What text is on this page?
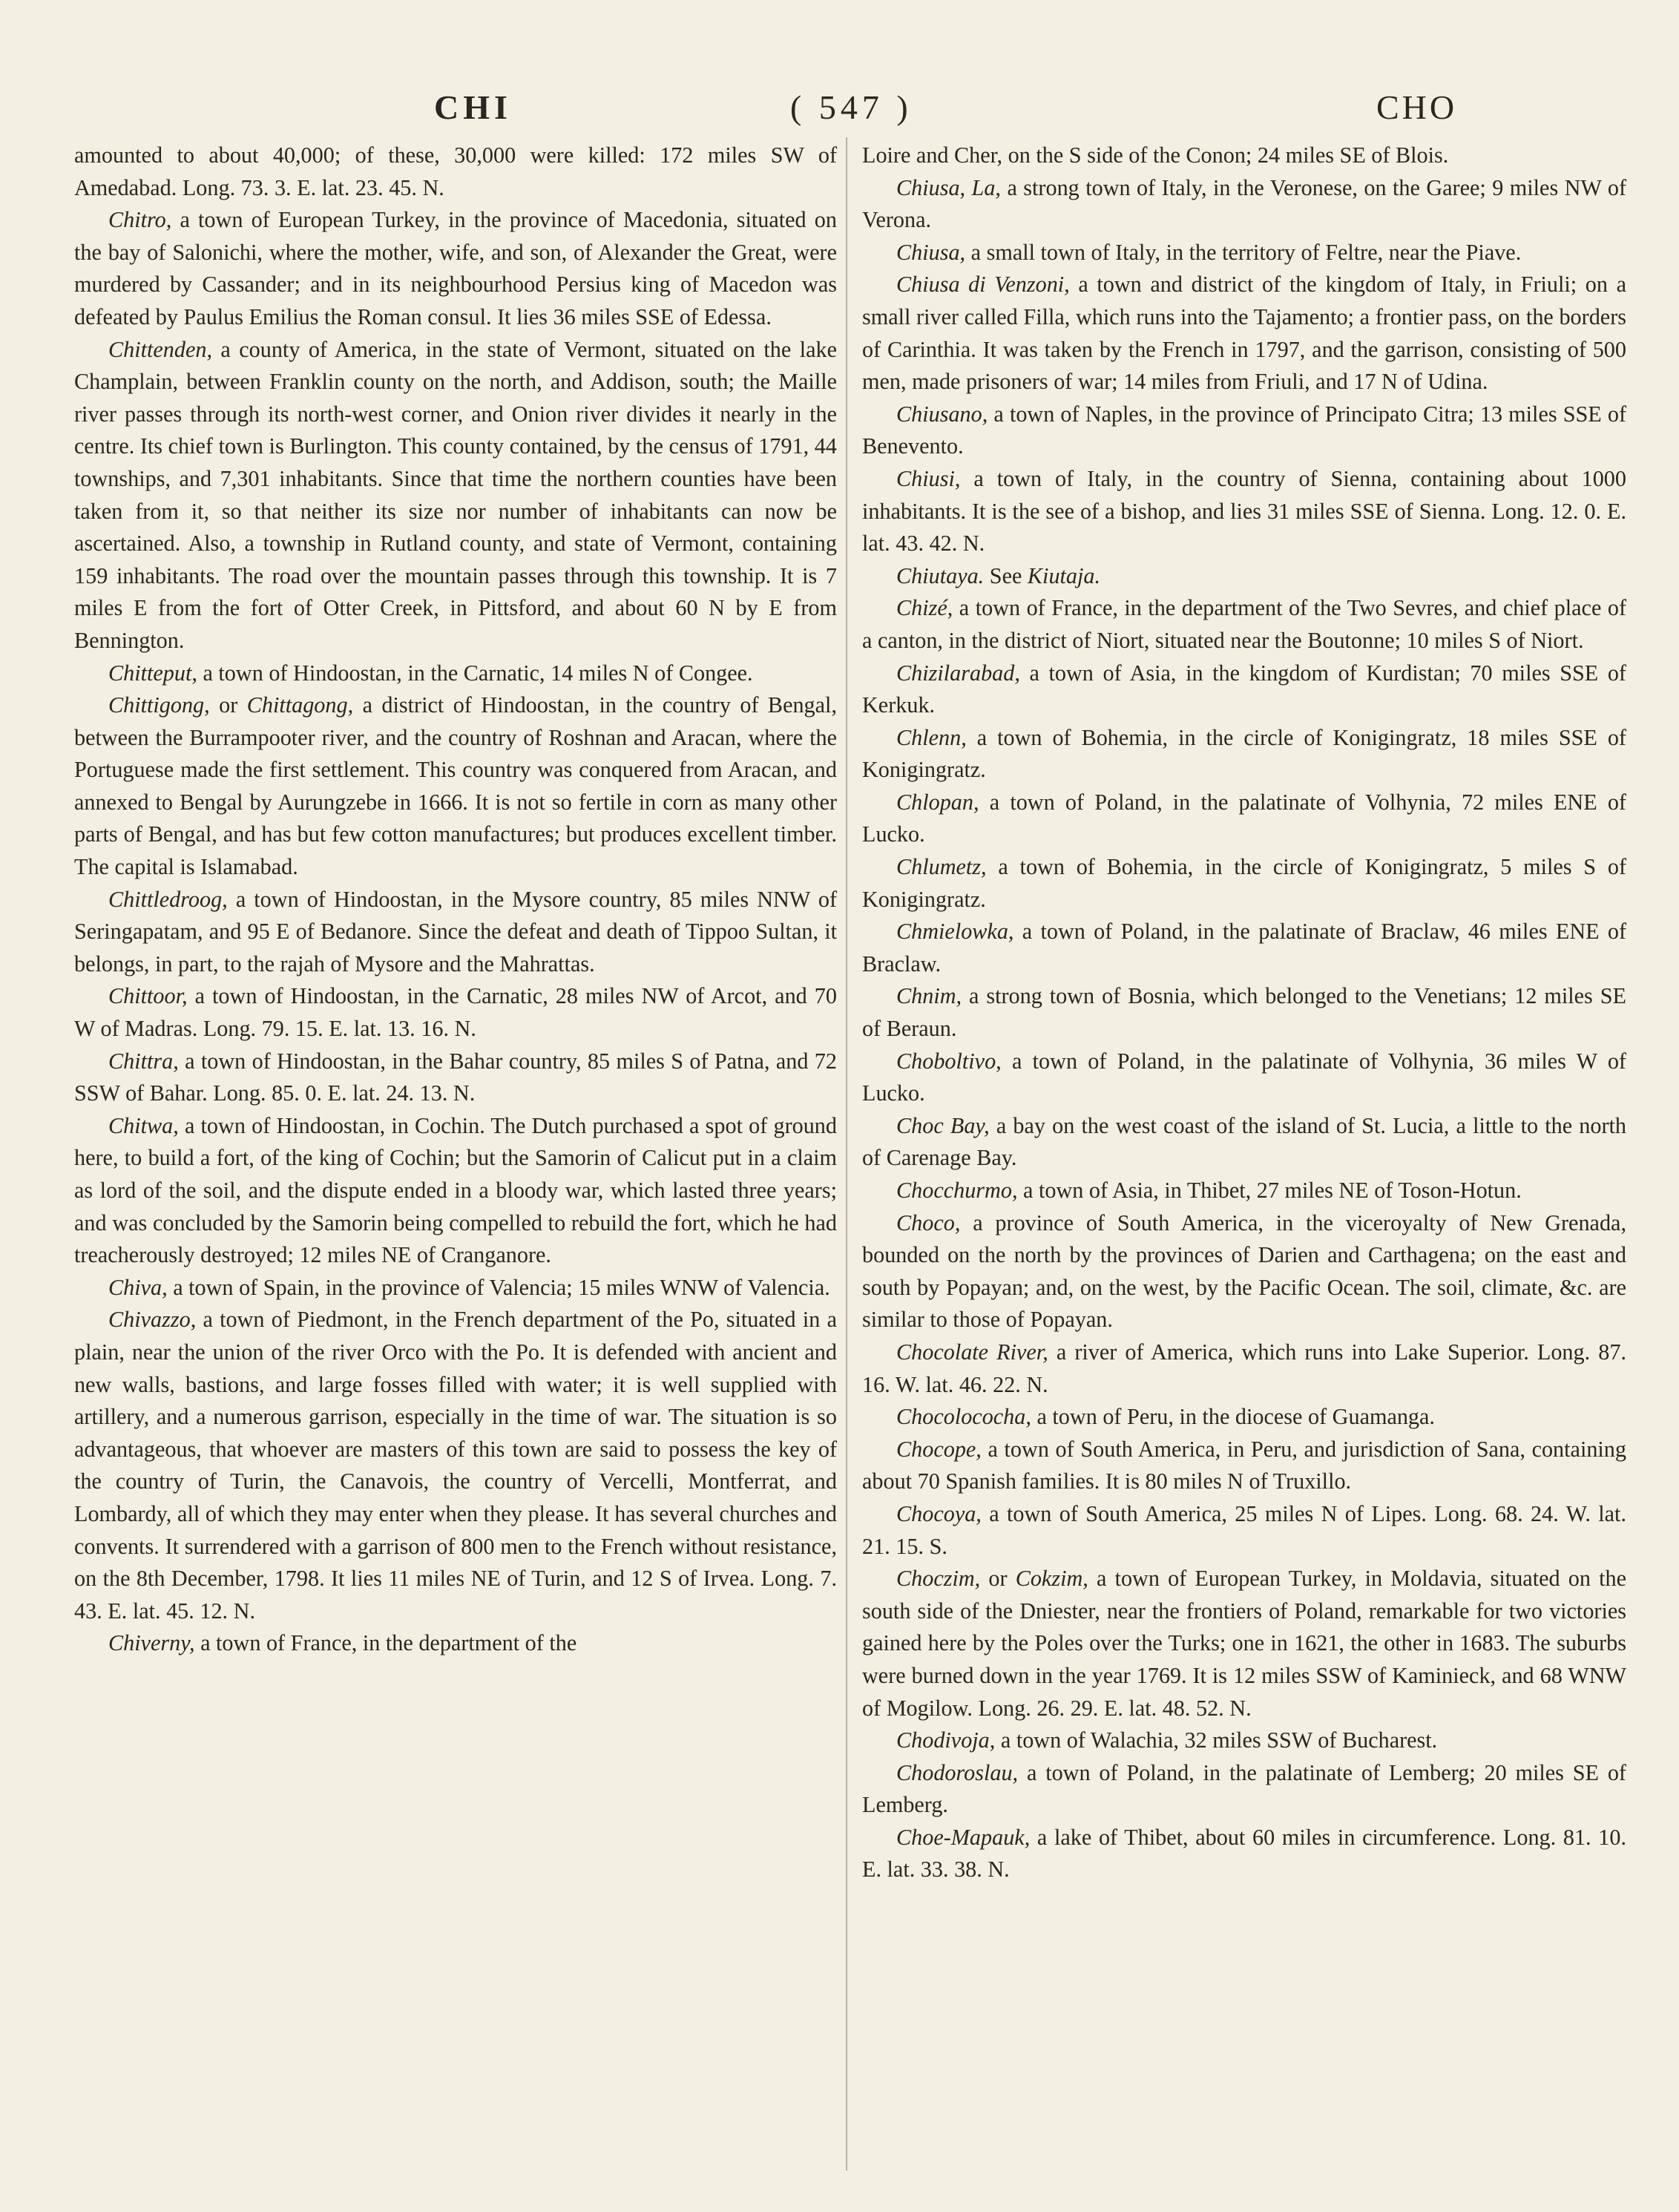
CHI	( 547 )	CHO

amounted to about 40,000; of these, 30,000 were killed: 172 miles SW of Amedabad. Long. 73. 3. E. lat. 23. 45. N.

Chitro, a town of European Turkey, in the province of Macedonia, situated on the bay of Salonichi, where the mother, wife, and son, of Alexander the Great, were murdered by Cassander; and in its neighbourhood Persius king of Macedon was defeated by Paulus Emilius the Roman consul. It lies 36 miles SSE of Edessa.

Chittenden, a county of America, in the state of Vermont, situated on the lake Champlain, between Franklin county on the north, and Addison, south; the Maille river passes through its north-west corner, and Onion river divides it nearly in the centre. Its chief town is Burlington. This county contained, by the census of 1791, 44 townships, and 7,301 inhabitants. Since that time the northern counties have been taken from it, so that neither its size nor number of inhabitants can now be ascertained. Also, a township in Rutland county, and state of Vermont, containing 159 inhabitants. The road over the mountain passes through this township. It is 7 miles E from the fort of Otter Creek, in Pittsford, and about 60 N by E from Bennington.

Chitteput, a town of Hindoostan, in the Carnatic, 14 miles N of Congee.

Chittigong, or Chittagong, a district of Hindoostan, in the country of Bengal, between the Burrampooter river, and the country of Roshnan and Aracan, where the Portuguese made the first settlement. This country was conquered from Aracan, and annexed to Bengal by Aurungzebe in 1666. It is not so fertile in corn as many other parts of Bengal, and has but few cotton manufactures; but produces excellent timber. The capital is Islamabad.

Chittledroog, a town of Hindoostan, in the Mysore country, 85 miles NNW of Seringapatam, and 95 E of Bedanore. Since the defeat and death of Tippoo Sultan, it belongs, in part, to the rajah of Mysore and the Mahrattas.

Chittoor, a town of Hindoostan, in the Carnatic, 28 miles NW of Arcot, and 70 W of Madras. Long. 79. 15. E. lat. 13. 16. N.

Chittra, a town of Hindoostan, in the Bahar country, 85 miles S of Patna, and 72 SSW of Bahar. Long. 85. 0. E. lat. 24. 13. N.

Chitwa, a town of Hindoostan, in Cochin. The Dutch purchased a spot of ground here, to build a fort, of the king of Cochin; but the Samorin of Calicut put in a claim as lord of the soil, and the dispute ended in a bloody war, which lasted three years; and was concluded by the Samorin being compelled to rebuild the fort, which he had treacherously destroyed; 12 miles NE of Cranganore.

Chiva, a town of Spain, in the province of Valencia; 15 miles WNW of Valencia.

Chivazzo, a town of Piedmont, in the French department of the Po, situated in a plain, near the union of the river Orco with the Po. It is defended with ancient and new walls, bastions, and large fosses filled with water; it is well supplied with artillery, and a numerous garrison, especially in the time of war. The situation is so advantageous, that whoever are masters of this town are said to possess the key of the country of Turin, the Canavois, the country of Vercelli, Montferrat, and Lombardy, all of which they may enter when they please. It has several churches and convents. It surrendered with a garrison of 800 men to the French without resistance, on the 8th December, 1798. It lies 11 miles NE of Turin, and 12 S of Irvea. Long. 7. 43. E. lat. 45. 12. N.

Chiverny, a town of France, in the department of the

Loire and Cher, on the S side of the Conon; 24 miles SE of Blois.

Chiusa, La, a strong town of Italy, in the Veronese, on the Garee; 9 miles NW of Verona.

Chiusa, a small town of Italy, in the territory of Feltre, near the Piave.

Chiusa di Venzoni, a town and district of the kingdom of Italy, in Friuli; on a small river called Filla, which runs into the Tajamento; a frontier pass, on the borders of Carinthia. It was taken by the French in 1797, and the garrison, consisting of 500 men, made prisoners of war; 14 miles from Friuli, and 17 N of Udina.

Chiusano, a town of Naples, in the province of Principato Citra; 13 miles SSE of Benevento.

Chiusi, a town of Italy, in the country of Sienna, containing about 1000 inhabitants. It is the see of a bishop, and lies 31 miles SSE of Sienna. Long. 12. 0. E. lat. 43. 42. N.

Chiutaya. See Kiutaja.

Chizé, a town of France, in the department of the Two Sevres, and chief place of a canton, in the district of Niort, situated near the Boutonne; 10 miles S of Niort.

Chizilarabad, a town of Asia, in the kingdom of Kurdistan; 70 miles SSE of Kerkuk.

Chlenn, a town of Bohemia, in the circle of Konigingratz, 18 miles SSE of Konigingratz.

Chlopan, a town of Poland, in the palatinate of Volhynia, 72 miles ENE of Lucko.

Chlumetz, a town of Bohemia, in the circle of Konigingratz, 5 miles S of Konigingratz.

Chmielowka, a town of Poland, in the palatinate of Braclaw, 46 miles ENE of Braclaw.

Chnim, a strong town of Bosnia, which belonged to the Venetians; 12 miles SE of Beraun.

Choboltivo, a town of Poland, in the palatinate of Volhynia, 36 miles W of Lucko.

Choc Bay, a bay on the west coast of the island of St. Lucia, a little to the north of Carenage Bay.

Chocchurmo, a town of Asia, in Thibet, 27 miles NE of Toson-Hotun.

Choco, a province of South America, in the viceroyalty of New Grenada, bounded on the north by the provinces of Darien and Carthagena; on the east and south by Popayan; and, on the west, by the Pacific Ocean. The soil, climate, &c. are similar to those of Popayan.

Chocolate River, a river of America, which runs into Lake Superior. Long. 87. 16. W. lat. 46. 22. N.

Chocolococha, a town of Peru, in the diocese of Guamanga.

Chocope, a town of South America, in Peru, and jurisdiction of Sana, containing about 70 Spanish families. It is 80 miles N of Truxillo.

Chocoya, a town of South America, 25 miles N of Lipes. Long. 68. 24. W. lat. 21. 15. S.

Choczim, or Cokzim, a town of European Turkey, in Moldavia, situated on the south side of the Dniester, near the frontiers of Poland, remarkable for two victories gained here by the Poles over the Turks; one in 1621, the other in 1683. The suburbs were burned down in the year 1769. It is 12 miles SSW of Kaminieck, and 68 WNW of Mogilow. Long. 26. 29. E. lat. 48. 52. N.

Chodivoja, a town of Walachia, 32 miles SSW of Bucharest.

Chodoroslau, a town of Poland, in the palatinate of Lemberg; 20 miles SE of Lemberg.

Choe-Mapauk, a lake of Thibet, about 60 miles in circumference. Long. 81. 10. E. lat. 33. 38. N.
